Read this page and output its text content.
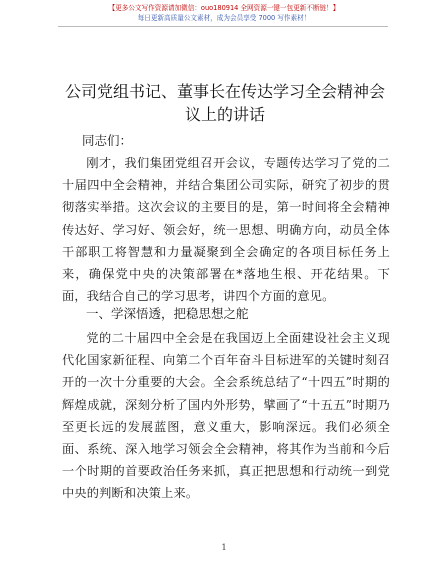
【更多公文写作资源请加微信：ouo180914 全网资源一键一包更新不断链！】
每日更新高质量公文素材，成为会员享受 7000 写作素材！
公司党组书记、董事长在传达学习全会精神会议上的讲话
同志们：
刚才，我们集团党组召开会议，专题传达学习了党的二十届四中全会精神，并结合集团公司实际，研究了初步的贯彻落实举措。这次会议的主要目的是，第一时间将全会精神传达好、学习好、领会好，统一思想、明确方向，动员全体干部职工将智慧和力量凝聚到全会确定的各项目标任务上来，确保党中央的决策部署在*落地生根、开花结果。下面，我结合自己的学习思考，讲四个方面的意见。
一、学深悟透，把稳思想之舵
党的二十届四中全会是在我国迈上全面建设社会主义现代化国家新征程、向第二个百年奋斗目标进军的关键时刻召开的一次十分重要的大会。全会系统总结了“十四五”时期的辉煌成就，深刻分析了国内外形势，擘画了“十五五”时期乃至更长远的发展蓝图，意义重大，影响深远。我们必须全面、系统、深入地学习领会全会精神，将其作为当前和今后一个时期的首要政治任务来抓，真正把思想和行动统一到党中央的判断和决策上来。
1
